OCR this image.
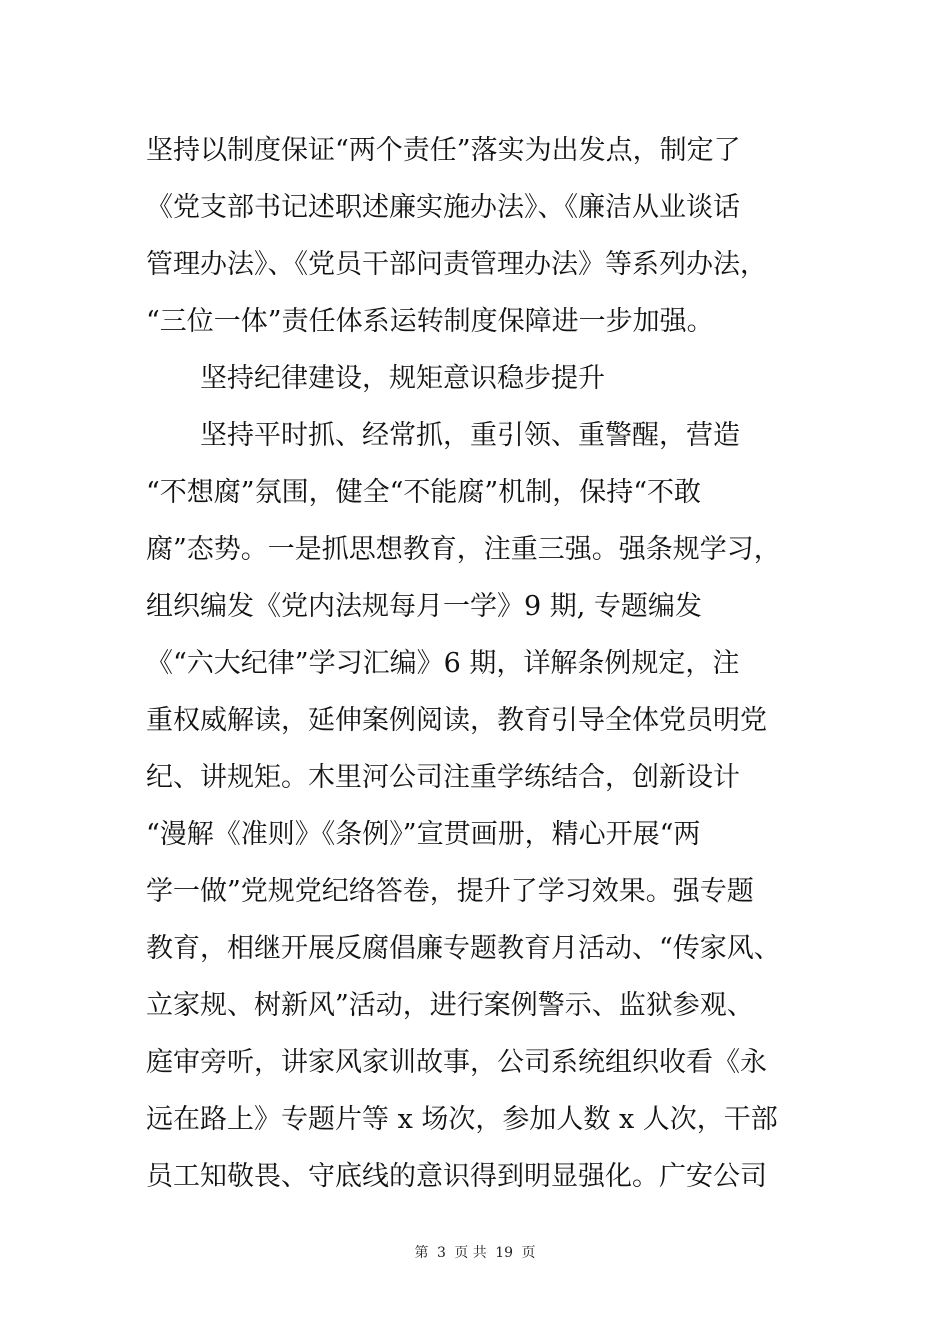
坚持以制度保证“两个责任”落实为出发点，制定了
《党支部书记述职述廉实施办法》、《廉洁从业谈话
管理办法》、《党员干部问责管理办法》等系列办法，
“三位一体”责任体系运转制度保障进一步加强。
坚持纪律建设，规矩意识稳步提升
坚持平时抓、经常抓，重引领、重警醒，营造
“不想腐”氛围，健全“不能腐”机制，保持“不敢
腐”态势。一是抓思想教育，注重三强。强条规学习，
组织编发《党内法规每月一学》9 期, 专题编发
《“六大纪律”学习汇编》6 期，详解条例规定，注
重权威解读，延伸案例阅读，教育引导全体党员明党
纪、讲规矩。木里河公司注重学练结合，创新设计
“漫解《准则》《条例》”宣贯画册，精心开展“两
学一做”党规党纪络答卷，提升了学习效果。强专题
教育，相继开展反腐倡廉专题教育月活动、“传家风、
立家规、树新风”活动，进行案例警示、监狱参观、
庭审旁听，讲家风家训故事，公司系统组织收看《永
远在路上》专题片等 x 场次，参加人数 x 人次，干部
员工知敬畏、守底线的意识得到明显强化。广安公司
第 3 页 共 19 页
